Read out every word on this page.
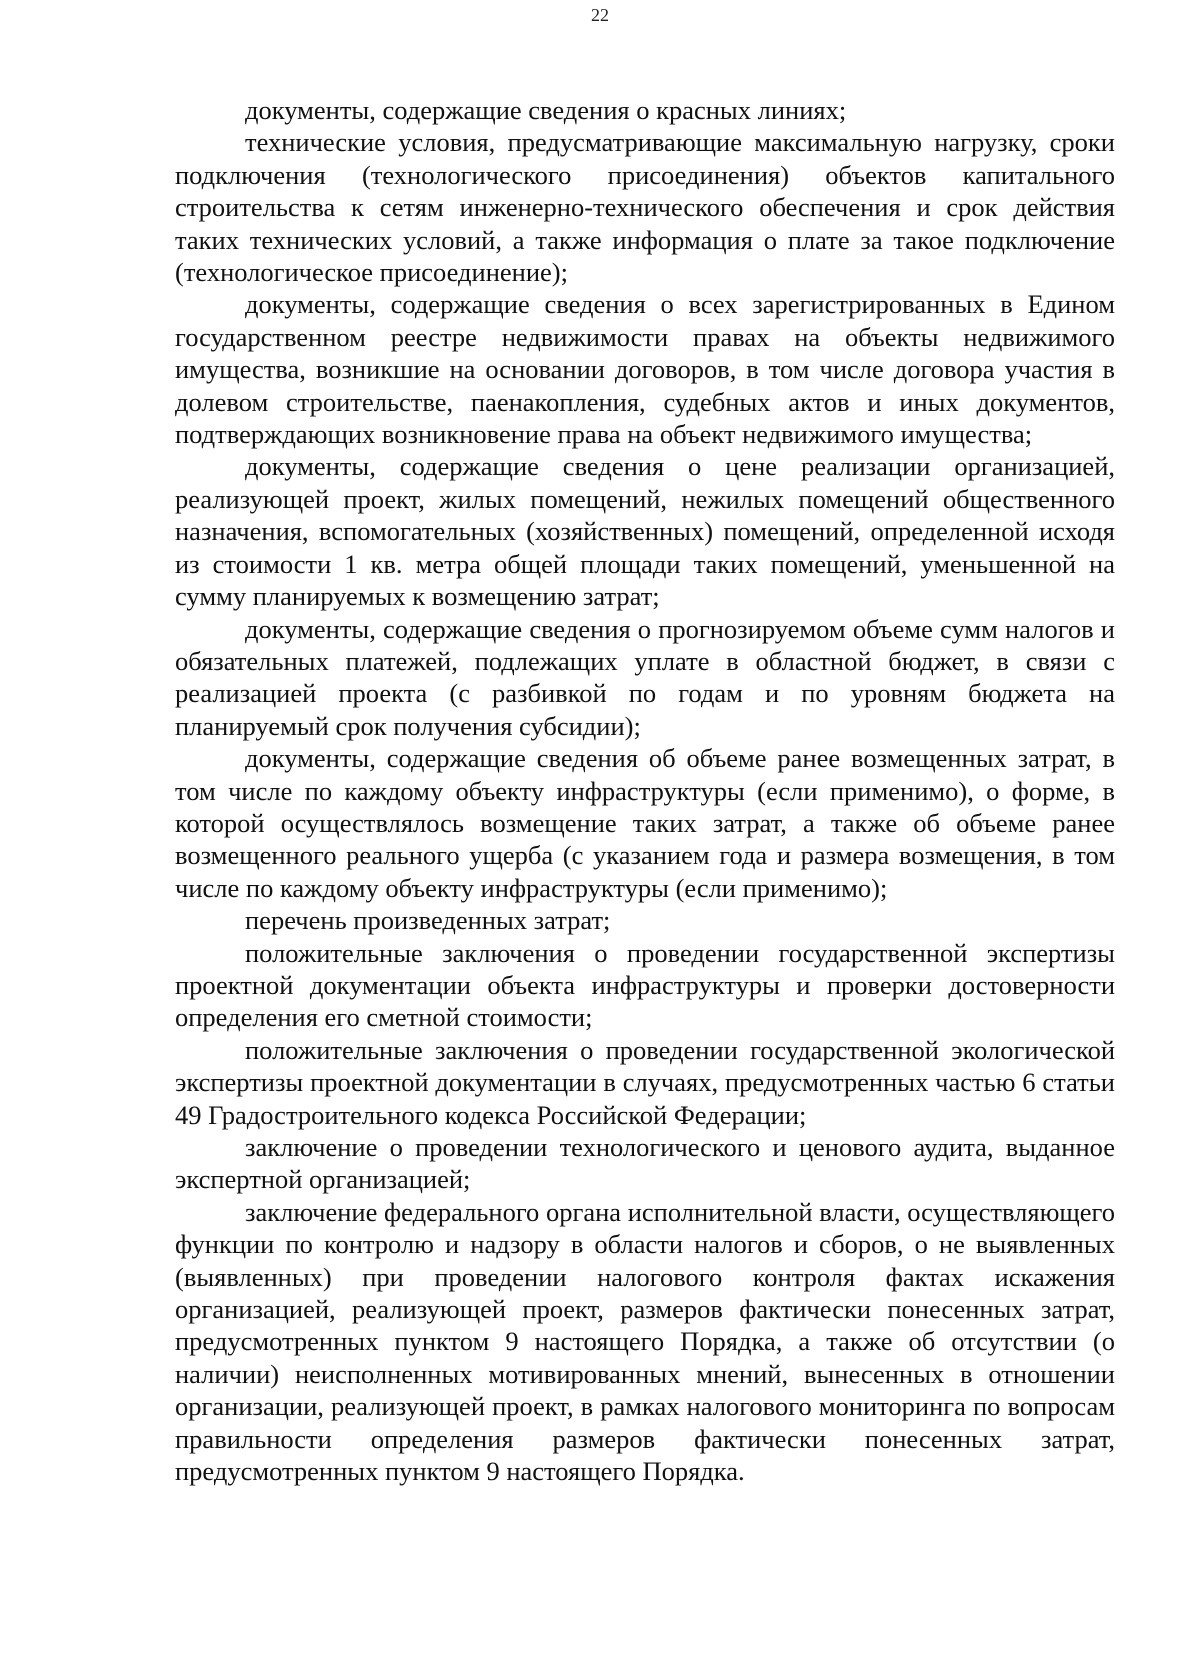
22

документы, содержащие сведения о красных линиях;

технические условия, предусматривающие максимальную нагрузку, сроки подключения (технологического присоединения) объектов капитального строительства к сетям инженерно-технического обеспечения и срок действия таких технических условий, а также информация о плате за такое подключение (технологическое присоединение);

документы, содержащие сведения о всех зарегистрированных в Едином государственном реестре недвижимости правах на объекты недвижимого имущества, возникшие на основании договоров, в том числе договора участия в долевом строительстве, паенакопления, судебных актов и иных документов, подтверждающих возникновение права на объект недвижимого имущества;

документы, содержащие сведения о цене реализации организацией, реализующей проект, жилых помещений, нежилых помещений общественного назначения, вспомогательных (хозяйственных) помещений, определенной исходя из стоимости 1 кв. метра общей площади таких помещений, уменьшенной на сумму планируемых к возмещению затрат;

документы, содержащие сведения о прогнозируемом объеме сумм налогов и обязательных платежей, подлежащих уплате в областной бюджет, в связи с реализацией проекта (с разбивкой по годам и по уровням бюджета на планируемый срок получения субсидии);

документы, содержащие сведения об объеме ранее возмещенных затрат, в том числе по каждому объекту инфраструктуры (если применимо), о форме, в которой осуществлялось возмещение таких затрат, а также об объеме ранее возмещенного реального ущерба (с указанием года и размера возмещения, в том числе по каждому объекту инфраструктуры (если применимо);

перечень произведенных затрат;

положительные заключения о проведении государственной экспертизы проектной документации объекта инфраструктуры и проверки достоверности определения его сметной стоимости;

положительные заключения о проведении государственной экологической экспертизы проектной документации в случаях, предусмотренных частью 6 статьи 49 Градостроительного кодекса Российской Федерации;

заключение о проведении технологического и ценового аудита, выданное экспертной организацией;

заключение федерального органа исполнительной власти, осуществляющего функции по контролю и надзору в области налогов и сборов, о не выявленных (выявленных) при проведении налогового контроля фактах искажения организацией, реализующей проект, размеров фактически понесенных затрат, предусмотренных пунктом 9 настоящего Порядка, а также об отсутствии (о наличии) неисполненных мотивированных мнений, вынесенных в отношении организации, реализующей проект, в рамках налогового мониторинга по вопросам правильности определения размеров фактически понесенных затрат, предусмотренных пунктом 9 настоящего Порядка.
